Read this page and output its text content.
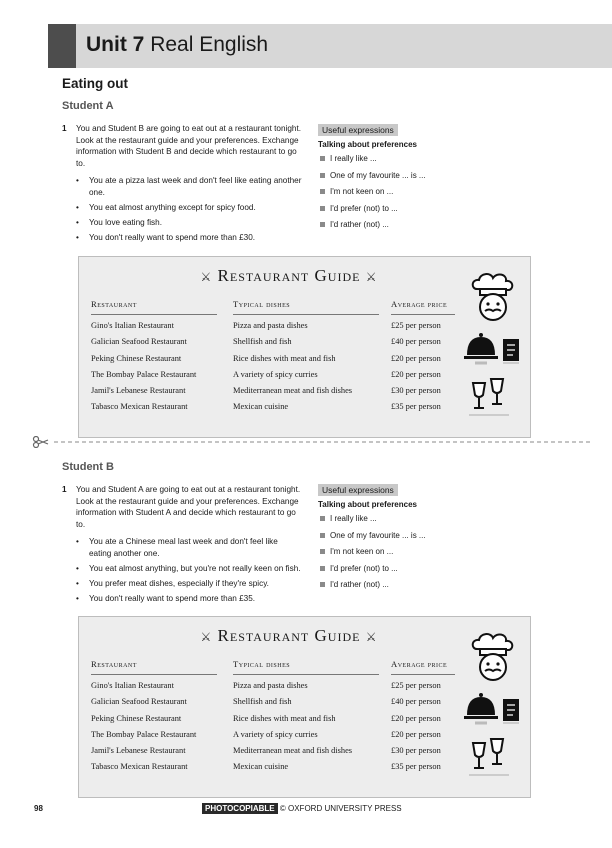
Unit 7 Real English
Eating out
Student A
1 You and Student B are going to eat out at a restaurant tonight. Look at the restaurant guide and your preferences. Exchange information with Student B and decide which restaurant to go to.
• You ate a pizza last week and don't feel like eating another one.
• You eat almost anything except for spicy food.
• You love eating fish.
• You don't really want to spend more than £30.
Useful expressions
Talking about preferences
I really like ...
One of my favourite ... is ...
I'm not keen on ...
I'd prefer (not) to ...
I'd rather (not) ...
⚔ Restaurant Guide ⚔
Restaurant
Gino's Italian Restaurant
Galician Seafood Restaurant
Peking Chinese Restaurant
The Bombay Palace Restaurant
Jamil's Lebanese Restaurant
Tabasco Mexican Restaurant
Typical dishes
Pizza and pasta dishes
Shellfish and fish
Rice dishes with meat and fish
A variety of spicy curries
Mediterranean meat and fish dishes
Mexican cuisine
Average price
£25 per person
£40 per person
£20 per person
£20 per person
£30 per person
£35 per person
Student B
1 You and Student A are going to eat out at a restaurant tonight. Look at the restaurant guide and your preferences. Exchange information with Student A and decide which restaurant to go to.
• You ate a Chinese meal last week and don't feel like eating another one.
• You eat almost anything, but you're not really keen on fish.
• You prefer meat dishes, especially if they're spicy.
• You don't really want to spend more than £35.
Useful expressions
Talking about preferences
I really like ...
One of my favourite ... is ...
I'm not keen on ...
I'd prefer (not) to ...
I'd rather (not) ...
⚔ Restaurant Guide ⚔
Restaurant
Gino's Italian Restaurant
Galician Seafood Restaurant
Peking Chinese Restaurant
The Bombay Palace Restaurant
Jamil's Lebanese Restaurant
Tabasco Mexican Restaurant
Typical dishes
Pizza and pasta dishes
Shellfish and fish
Rice dishes with meat and fish
A variety of spicy curries
Mediterranean meat and fish dishes
Mexican cuisine
Average price
£25 per person
£40 per person
£20 per person
£20 per person
£30 per person
£35 per person
98	PHOTOCOPIABLE © OXFORD UNIVERSITY PRESS
